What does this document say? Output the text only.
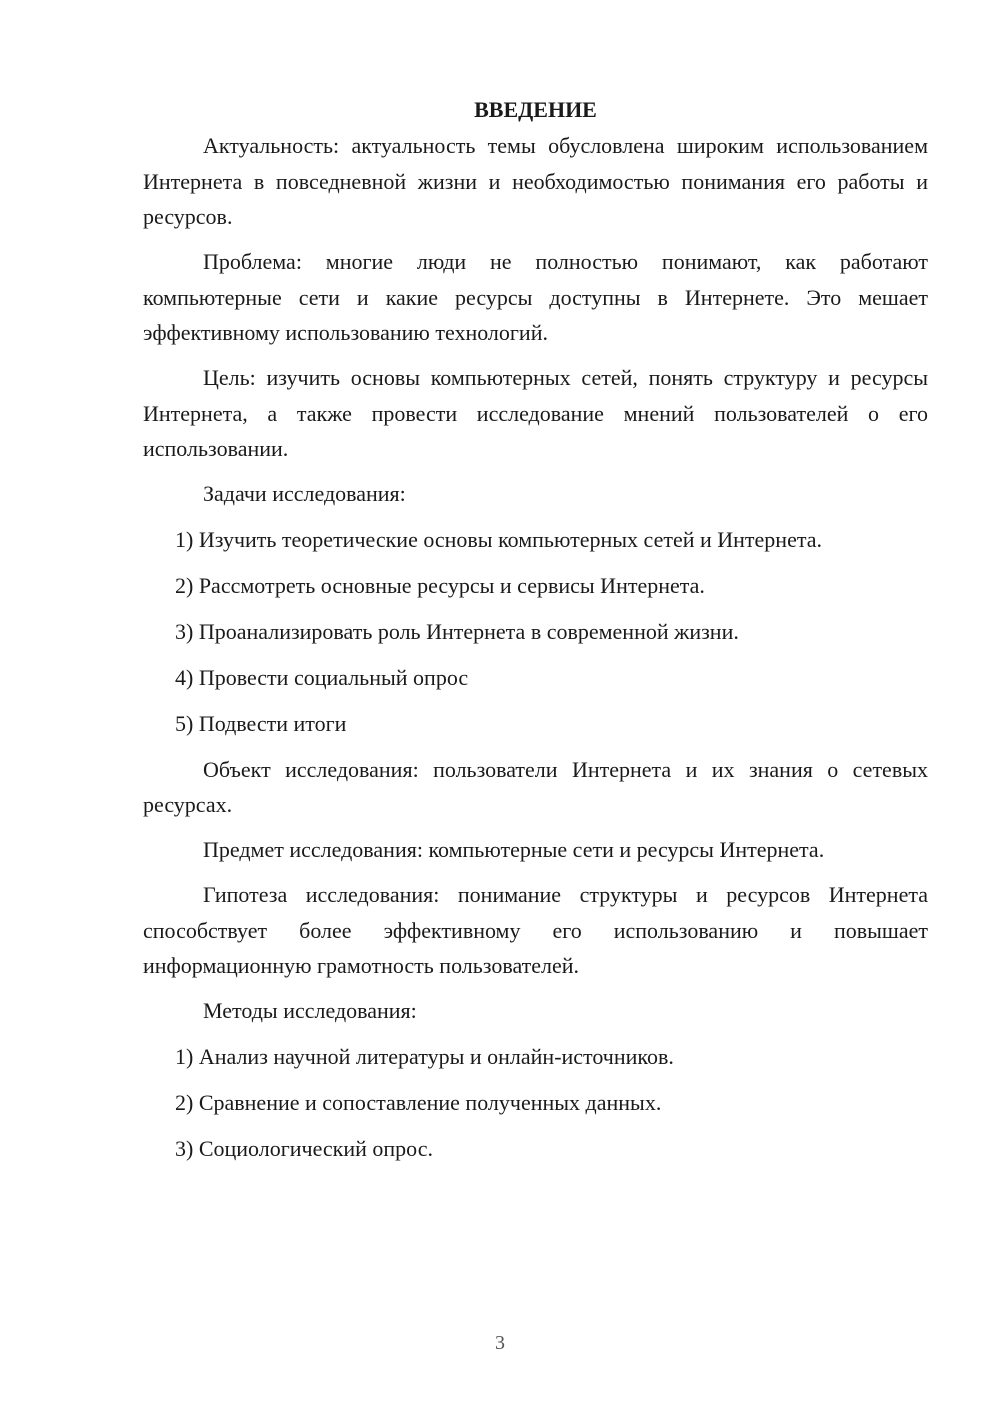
ВВЕДЕНИЕ

Актуальность: актуальность темы обусловлена широким использованием Интернета в повседневной жизни и необходимостью понимания его работы и ресурсов.

Проблема: многие люди не полностью понимают, как работают компьютерные сети и какие ресурсы доступны в Интернете. Это мешает эффективному использованию технологий.

Цель: изучить основы компьютерных сетей, понять структуру и ресурсы Интернета, а также провести исследование мнений пользователей о его использовании.

Задачи исследования:

1) Изучить теоретические основы компьютерных сетей и Интернета.

2) Рассмотреть основные ресурсы и сервисы Интернета.

3) Проанализировать роль Интернета в современной жизни.

4) Провести социальный опрос

5) Подвести итоги

Объект исследования: пользователи Интернета и их знания о сетевых ресурсах.

Предмет исследования: компьютерные сети и ресурсы Интернета.

Гипотеза исследования: понимание структуры и ресурсов Интернета способствует более эффективному его использованию и повышает информационную грамотность пользователей.

Методы исследования:

1) Анализ научной литературы и онлайн-источников.

2) Сравнение и сопоставление полученных данных.

3) Социологический опрос.

3
